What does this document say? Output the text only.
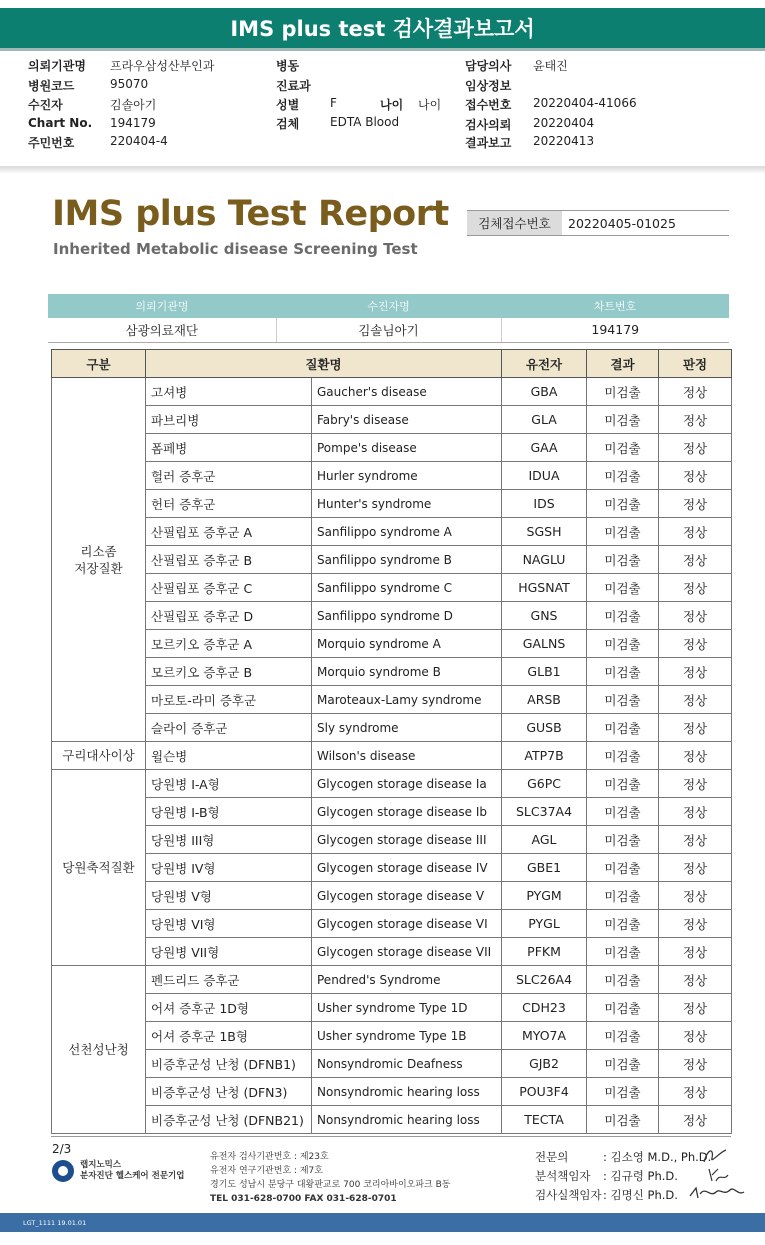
IMS plus test 검사결과보고서
의뢰기관명 프라우삼성산부인과
병원코드	95070
수진자	김솔아기
Chart No. 194179
주민번호	220404-4
병동
진료과
성별	F
검체	EDTA Blood
나이 나이
담당의사 윤태진
임상정보
접수번호 20220404-41066
검사의뢰 20220404
결과보고 20220413
IMS plus Test Report
Inherited Metabolic disease Screening Test
검체접수번호	20220405-01025
의뢰기관명	수진자명	차트번호
삼광의료재단	김솔님아기	194179
구분	질환명		유전자	결과	판정
리소좀
저장질환	고셔병	Gaucher's disease	GBA	미검출	정상
	파브리병	Fabry's disease	GLA	미검출	정상
	폼페병	Pompe's disease	GAA	미검출	정상
	헐러 증후군	Hurler syndrome	IDUA	미검출	정상
	헌터 증후군	Hunter's syndrome	IDS	미검출	정상
	산필립포 증후군 A	Sanfilippo syndrome A	SGSH	미검출	정상
	산필립포 증후군 B	Sanfilippo syndrome B	NAGLU	미검출	정상
	산필립포 증후군 C	Sanfilippo syndrome C	HGSNAT	미검출	정상
	산필립포 증후군 D	Sanfilippo syndrome D	GNS	미검출	정상
	모르키오 증후군 A	Morquio syndrome A	GALNS	미검출	정상
	모르키오 증후군 B	Morquio syndrome B	GLB1	미검출	정상
	마로토-라미 증후군	Maroteaux-Lamy syndrome	ARSB	미검출	정상
	슬라이 증후군	Sly syndrome	GUSB	미검출	정상
구리대사이상	윌슨병	Wilson's disease	ATP7B	미검출	정상
당원축적질환	당원병 I-A형	Glycogen storage disease Ia	G6PC	미검출	정상
	당원병 I-B형	Glycogen storage disease Ib	SLC37A4	미검출	정상
	당원병 III형	Glycogen storage disease III	AGL	미검출	정상
	당원병 IV형	Glycogen storage disease IV	GBE1	미검출	정상
	당원병 V형	Glycogen storage disease V	PYGM	미검출	정상
	당원병 VI형	Glycogen storage disease VI	PYGL	미검출	정상
	당원병 VII형	Glycogen storage disease VII	PFKM	미검출	정상
선천성난청	펜드리드 증후군	Pendred's Syndrome	SLC26A4	미검출	정상
	어셔 증후군 1D형	Usher syndrome Type 1D	CDH23	미검출	정상
	어셔 증후군 1B형	Usher syndrome Type 1B	MYO7A	미검출	정상
	비증후군성 난청 (DFNB1)	Nonsyndromic Deafness	GJB2	미검출	정상
	비증후군성 난청 (DFN3)	Nonsyndromic hearing loss	POU3F4	미검출	정상
	비증후군성 난청 (DFNB21)	Nonsyndromic hearing loss	TECTA	미검출	정상
2/3
랩지노믹스
분자진단 헬스케어 전문기업
유전자 검사기관번호 : 제23호
유전자 연구기관번호 : 제7호
경기도 성남시 분당구 대왕판교로 700 코리아바이오파크 B동
TEL 031-628-0700 FAX 031-628-0701
전문의	: 김소영 M.D., Ph.D.
분석책임자	: 김규령 Ph.D.
검사실책임자 : 김명신 Ph.D.
LGT_1111 19.01.01
